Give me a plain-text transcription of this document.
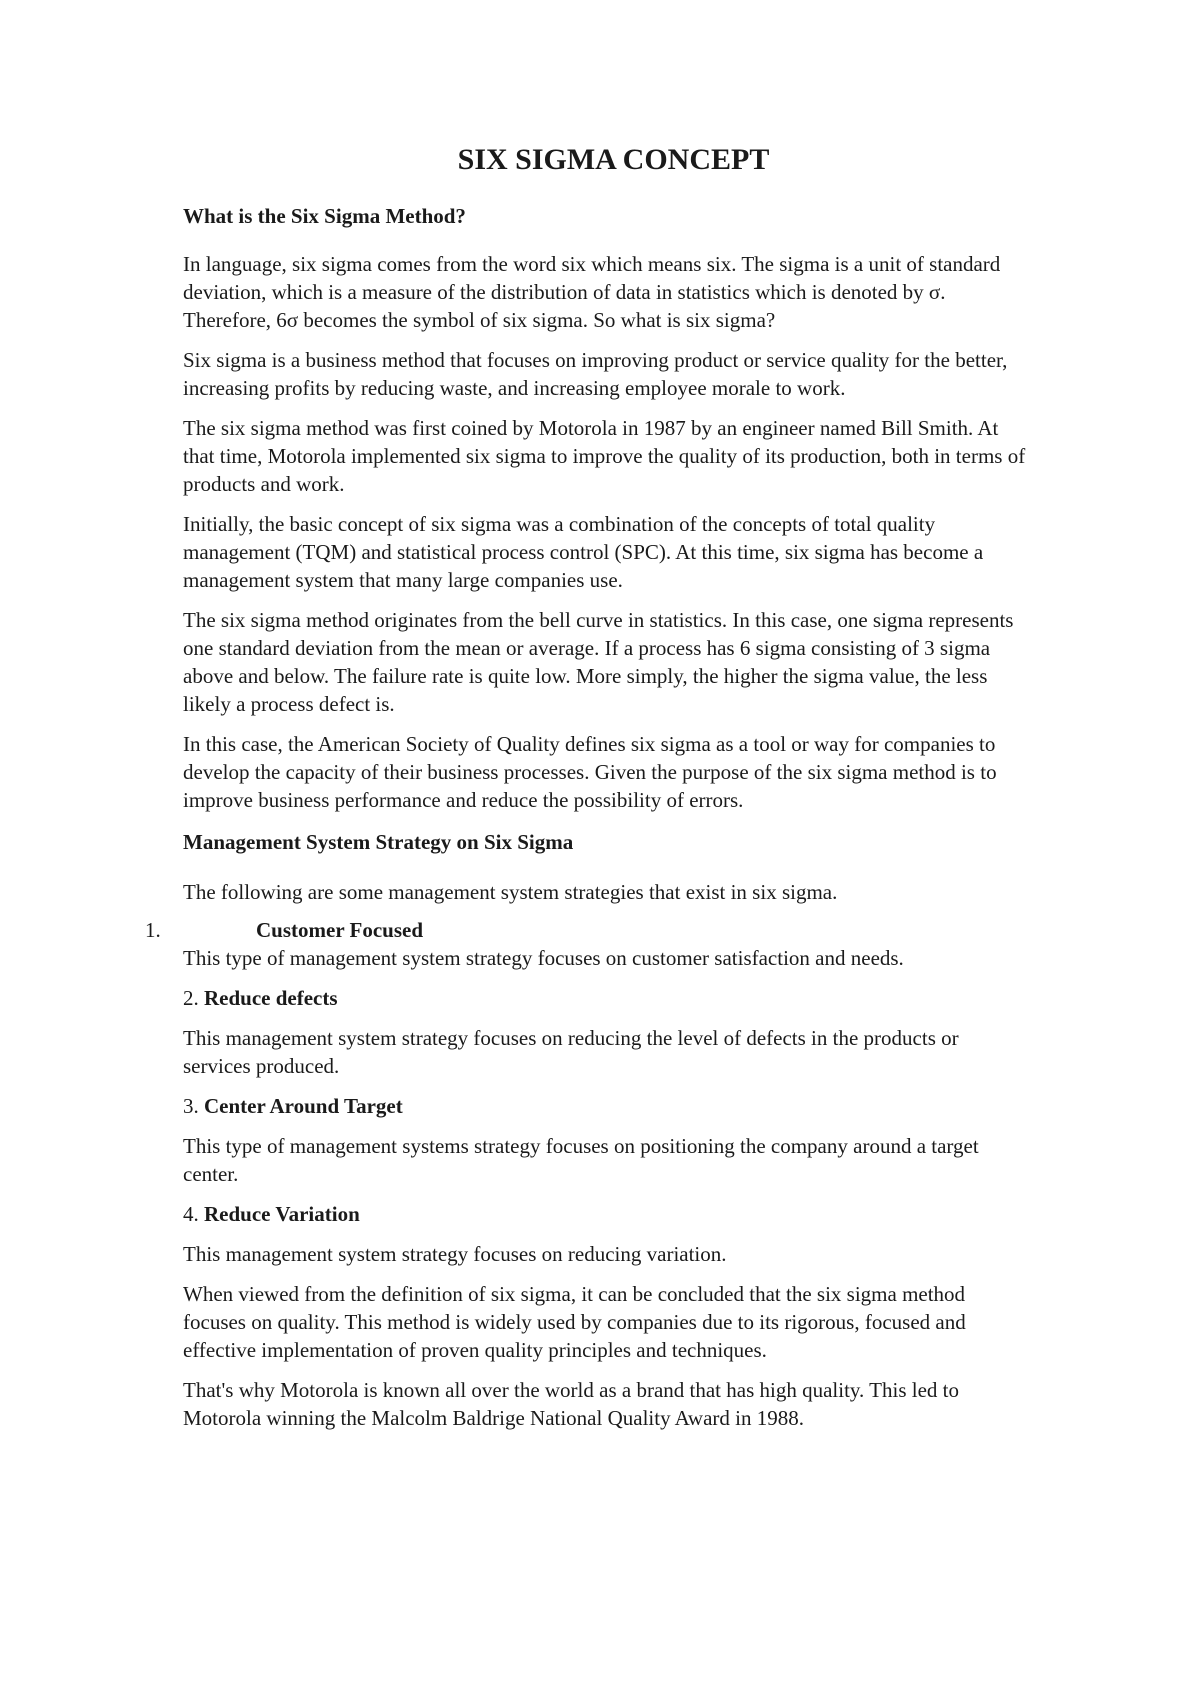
SIX SIGMA CONCEPT

What is the Six Sigma Method?

In language, six sigma comes from the word six which means six. The sigma is a unit of standard deviation, which is a measure of the distribution of data in statistics which is denoted by σ. Therefore, 6σ becomes the symbol of six sigma. So what is six sigma?

Six sigma is a business method that focuses on improving product or service quality for the better, increasing profits by reducing waste, and increasing employee morale to work.

The six sigma method was first coined by Motorola in 1987 by an engineer named Bill Smith. At that time, Motorola implemented six sigma to improve the quality of its production, both in terms of products and work.

Initially, the basic concept of six sigma was a combination of the concepts of total quality management (TQM) and statistical process control (SPC). At this time, six sigma has become a management system that many large companies use.

The six sigma method originates from the bell curve in statistics. In this case, one sigma represents one standard deviation from the mean or average. If a process has 6 sigma consisting of 3 sigma above and below. The failure rate is quite low. More simply, the higher the sigma value, the less likely a process defect is.

In this case, the American Society of Quality defines six sigma as a tool or way for companies to develop the capacity of their business processes. Given the purpose of the six sigma method is to improve business performance and reduce the possibility of errors.

Management System Strategy on Six Sigma

The following are some management system strategies that exist in six sigma.

1.	Customer Focused

This type of management system strategy focuses on customer satisfaction and needs.

2. Reduce defects

This management system strategy focuses on reducing the level of defects in the products or services produced.

3. Center Around Target

This type of management systems strategy focuses on positioning the company around a target center.

4. Reduce Variation

This management system strategy focuses on reducing variation.

When viewed from the definition of six sigma, it can be concluded that the six sigma method focuses on quality. This method is widely used by companies due to its rigorous, focused and effective implementation of proven quality principles and techniques.

That's why Motorola is known all over the world as a brand that has high quality. This led to Motorola winning the Malcolm Baldrige National Quality Award in 1988.
